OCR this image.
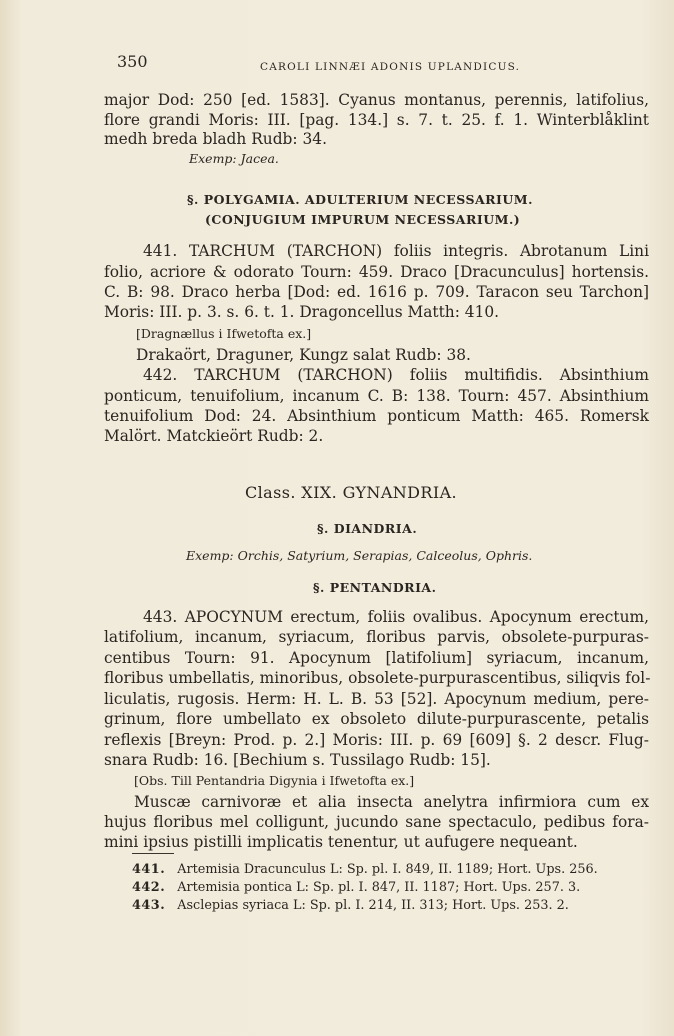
350	CAROLI LINNÆI ADONIS UPLANDICUS.
major Dod: 250 [ed. 1583]. Cyanus montanus, perennis, latifolius,
flore grandi Moris: III. [pag. 134.] s. 7. t. 25. f. 1. Winterblåklint
medh breda bladh Rudb: 34.
Exemp: Jacea.
§. POLYGAMIA. ADULTERIUM NECESSARIUM.
(CONJUGIUM IMPURUM NECESSARIUM.)
441. TARCHUM (TARCHON) foliis integris. Abrotanum Lini
folio, acriore & odorato Tourn: 459. Draco [Dracunculus] hortensis.
C. B: 98. Draco herba [Dod: ed. 1616 p. 709. Taracon seu Tarchon]
Moris: III. p. 3. s. 6. t. 1. Dragoncellus Matth: 410.
[Dragnællus i Ifwetofta ex.]
Drakaört, Draguner, Kungz salat Rudb: 38.
442. TARCHUM (TARCHON) foliis multifidis. Absinthium
ponticum, tenuifolium, incanum C. B: 138. Tourn: 457. Absinthium
tenuifolium Dod: 24. Absinthium ponticum Matth: 465. Romersk
Malört. Matckieört Rudb: 2.
Class. XIX. GYNANDRIA.
§. DIANDRIA.
Exemp: Orchis, Satyrium, Serapias, Calceolus, Ophris.
§. PENTANDRIA.
443. APOCYNUM erectum, foliis ovalibus. Apocynum erectum,
latifolium, incanum, syriacum, floribus parvis, obsolete-purpuras-
centibus Tourn: 91. Apocynum [latifolium] syriacum, incanum,
floribus umbellatis, minoribus, obsolete-purpurascentibus, siliqvis fol-
liculatis, rugosis. Herm: H. L. B. 53 [52]. Apocynum medium, pere-
grinum, flore umbellato ex obsoleto dilute-purpurascente, petalis
reflexis [Breyn: Prod. p. 2.] Moris: III. p. 69 [609] §. 2 descr. Flug-
snara Rudb: 16. [Bechium s. Tussilago Rudb: 15].
[Obs. Till Pentandria Digynia i Ifwetofta ex.]
Muscæ carnivoræ et alia insecta anelytra infirmiora cum ex
hujus floribus mel colligunt, jucundo sane spectaculo, pedibus fora-
mini ipsius pistilli implicatis tenentur, ut aufugere nequeant.
441. Artemisia Dracunculus L: Sp. pl. I. 849, II. 1189; Hort. Ups. 256.
442. Artemisia pontica L: Sp. pl. I. 847, II. 1187; Hort. Ups. 257. 3.
443. Asclepias syriaca L: Sp. pl. I. 214, II. 313; Hort. Ups. 253. 2.
